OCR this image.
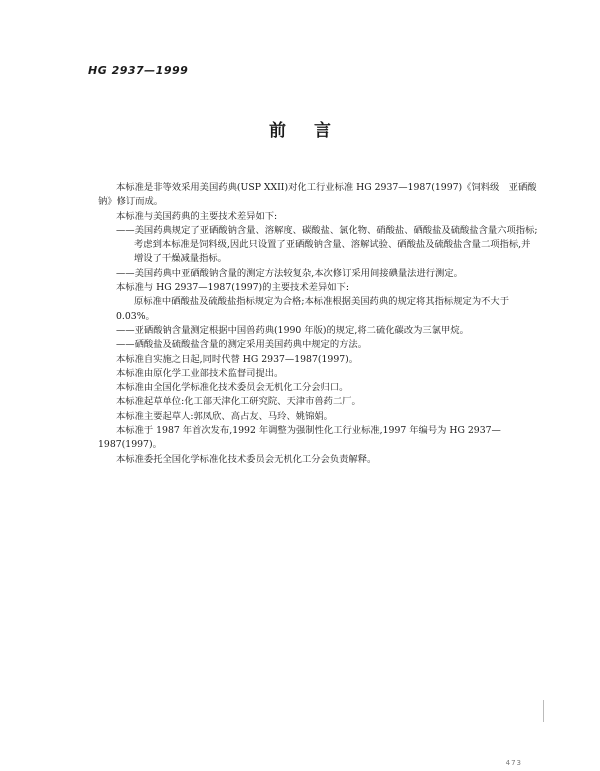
HG 2937—1999
前言

本标准是非等效采用美国药典(USP XXII)对化工行业标准 HG 2937—1987(1997)《饲料级　亚硒酸钠》修订而成。

本标准与美国药典的主要技术差异如下:

——美国药典规定了亚硒酸钠含量、溶解度、碳酸盐、氯化物、硝酸盐、硒酸盐及硫酸盐含量六项指标;考虑到本标准是饲料级,因此只设置了亚硒酸钠含量、溶解试验、硒酸盐及硫酸盐含量二项指标,并增设了干燥减量指标。

——美国药典中亚硒酸钠含量的测定方法较复杂,本次修订采用间接碘量法进行测定。

本标准与 HG 2937—1987(1997)的主要技术差异如下:

原标准中硒酸盐及硫酸盐指标规定为合格;本标准根据美国药典的规定将其指标规定为不大于 0.03%。

——亚硒酸钠含量测定根据中国兽药典(1990 年版)的规定,将二硫化碳改为三氯甲烷。

——硒酸盐及硫酸盐含量的测定采用美国药典中规定的方法。

本标准自实施之日起,同时代替 HG 2937—1987(1997)。

本标准由原化学工业部技术监督司提出。

本标准由全国化学标准化技术委员会无机化工分会归口。

本标准起草单位:化工部天津化工研究院、天津市兽药二厂。

本标准主要起草人:郭凤欣、高占友、马玲、姚锦娟。

本标准于 1987 年首次发布,1992 年调整为强制性化工行业标准,1997 年编号为 HG 2937—1987(1997)。

本标准委托全国化学标准化技术委员会无机化工分会负责解释。

473
